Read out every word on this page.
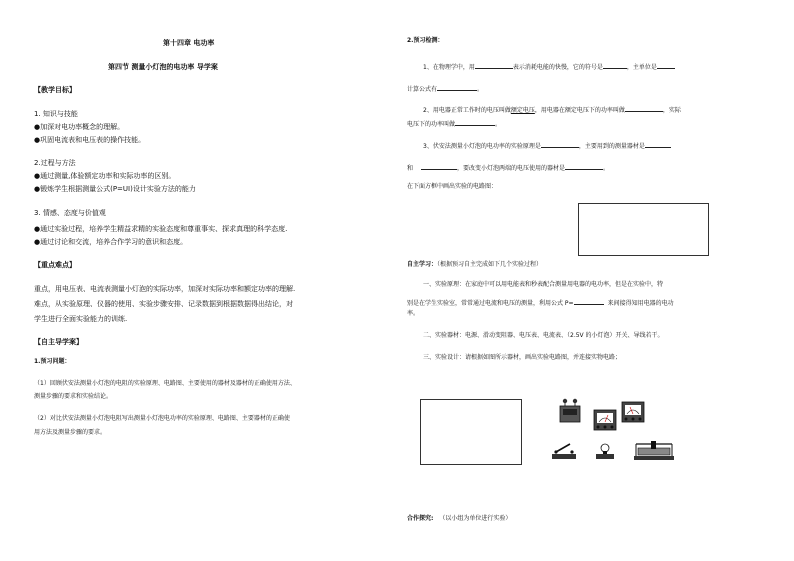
第十四章 电功率
第四节 测量小灯泡的电功率 导学案
【教学目标】
1. 知识与技能
●加深对电功率概念的理解。
●巩固电流表和电压表的操作技能。
2.过程与方法
●通过测量,体验额定功率和实际功率的区别。
●锻炼学生根据测量公式(P=UI)设计实验方法的能力
3. 情感、态度与价值观
●通过实验过程，培养学生精益求精的实验态度和尊重事实、探求真理的科学态度.
●通过讨论和交流，培养合作学习的意识和态度。
【重点难点】
重点，用电压表、电流表测量小灯泡的实际功率，加深对实际功率和额定功率的理解.
难点，从实验原理、仪器的使用、实验步骤安排、记录数据到根据数据得出结论，对
学生进行全面实验能力的训练.
【自主导学案】
1.预习问题：
（1）回顾伏安法测量小灯泡的电阻的实验原理、电路图、主要使用的器材及器材的正确使用方法、
测量步骤的要求和实验结论。
（2）对比伏安法测量小灯泡电阻写出测量小灯泡电功率的实验原理、电路图、主要器材的正确使
用方法及测量步骤的要求。
2.预习检测：
1、在物理学中，用	表示消耗电能的快慢，它的符号是	，主单位是
计算公式有	。
2、用电器正常工作时的电压叫做额定电压，用电器在额定电压下的功率叫做	，实际
电压下的功率叫做	。
3、伏安法测量小灯泡的电功率的实验原理是	，主要用到的测量器材是
和	，要改变小灯泡两端的电压使用的器材是	。
在下面方框中画出实验的电路图：
自主学习：（根据预习自主完成如下几个实验过程）
一、实验原理：在家庭中可以用电能表和秒表配合测量用电器的电功率，但是在实验中，特
别是在学生实验室，常常通过电流和电压的测量，利用公式 P=	来间接得知用电器的电功
率。
二、实验器材：电源、滑动变阻器、电压表、电流表、（2.5V 的小灯泡）开关、导线若干。
三、实验设计：请根据如图所示器材，画出实验电路图，并连接实物电路；
合作探究: （以小组为单位进行实验）
